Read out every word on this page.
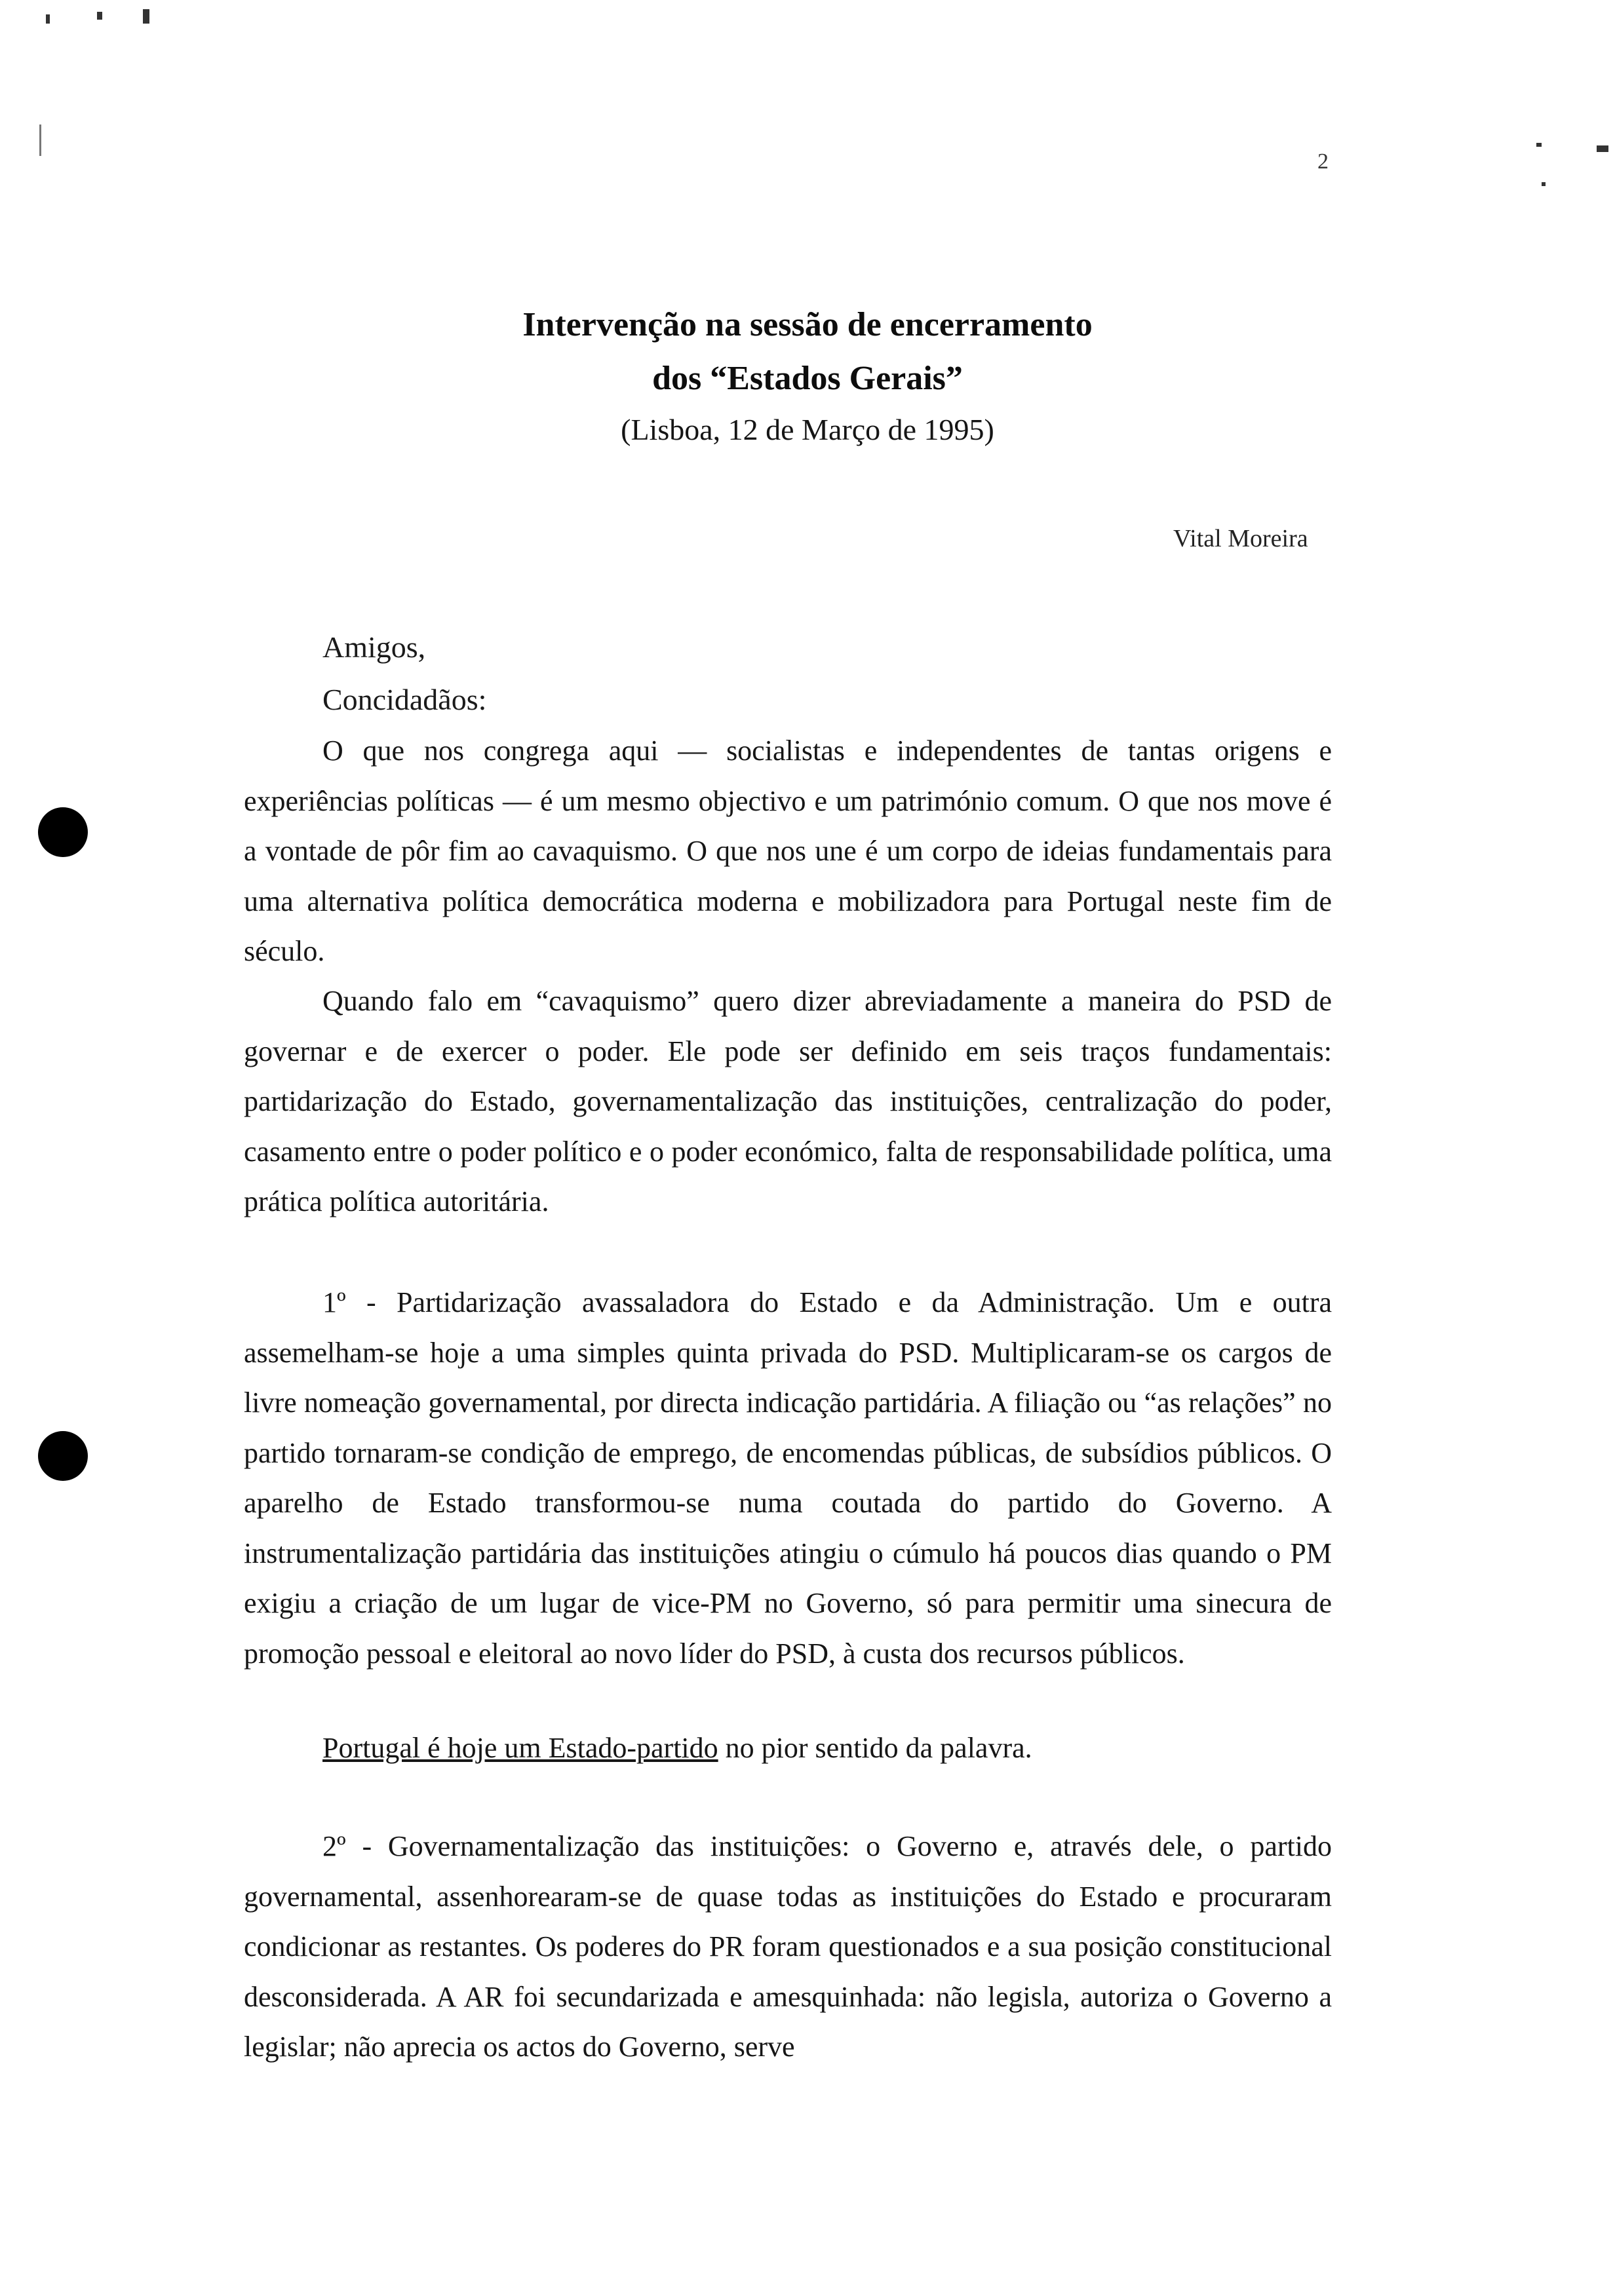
2
Intervenção na sessão de encerramento
dos “Estados Gerais”
(Lisboa, 12 de Março de 1995)
Vital Moreira
Amigos,
Concidadãos:

O que nos congrega aqui — socialistas e independentes de tantas origens e experiências políticas — é um mesmo objectivo e um património comum. O que nos move é a vontade de pôr fim ao cavaquismo. O que nos une é um corpo de ideias fundamentais para uma alternativa política democrática moderna e mobilizadora para Portugal neste fim de século.

Quando falo em “cavaquismo” quero dizer abreviadamente a maneira do PSD de governar e de exercer o poder. Ele pode ser definido em seis traços fundamentais: partidarização do Estado, governamentalização das instituições, centralização do poder, casamento entre o poder político e o poder económico, falta de responsabilidade política, uma prática política autoritária.

1º - Partidarização avassaladora do Estado e da Administração. Um e outra assemelham-se hoje a uma simples quinta privada do PSD. Multiplicaram-se os cargos de livre nomeação governamental, por directa indicação partidária. A filiação ou “as relações” no partido tornaram-se condição de emprego, de encomendas públicas, de subsídios públicos. O aparelho de Estado transformou-se numa coutada do partido do Governo. A instrumentalização partidária das instituições atingiu o cúmulo há poucos dias quando o PM exigiu a criação de um lugar de vice-PM no Governo, só para permitir uma sinecura de promoção pessoal e eleitoral ao novo líder do PSD, à custa dos recursos públicos.

Portugal é hoje um Estado-partido no pior sentido da palavra.

2º - Governamentalização das instituições: o Governo e, através dele, o partido governamental, assenhorearam-se de quase todas as instituições do Estado e procuraram condicionar as restantes. Os poderes do PR foram questionados e a sua posição constitucional desconsiderada. A AR foi secundarizada e amesquinhada: não legisla, autoriza o Governo a legislar; não aprecia os actos do Governo, serve
